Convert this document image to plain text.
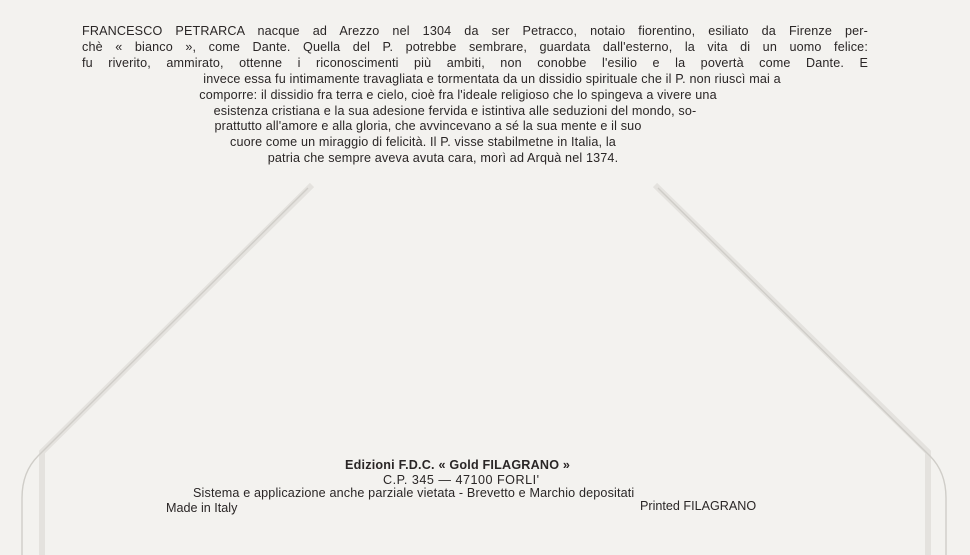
FRANCESCO PETRARCA nacque ad Arezzo nel 1304 da ser Petracco, notaio fiorentino, esiliato da Firenze per-
chè « bianco », come Dante. Quella del P. potrebbe sembrare, guardata dall'esterno, la vita di un uomo felice:
fu riverito, ammirato, ottenne i riconoscimenti più ambiti, non conobbe l'esilio e la povertà come Dante. E
invece essa fu intimamente travagliata e tormentata da un dissidio spirituale che il P. non riuscì mai a
comporre: il dissidio fra terra e cielo, cioè fra l'ideale religioso che lo spingeva a vivere una
esistenza cristiana e la sua adesione fervida e istintiva alle seduzioni del mondo, so-
prattutto all'amore e alla gloria, che avvincevano a sé la sua mente e il suo
cuore come un miraggio di felicità. Il P. visse stabilmetne in Italia, la
patria che sempre aveva avuta cara, morì ad Arquà nel 1374.
Edizioni F.D.C. « Gold FILAGRANO »
C.P. 345 — 47100 FORLI'
Sistema e applicazione anche parziale vietata - Brevetto e Marchio depositati
Made in Italy	Printed FILAGRANO
